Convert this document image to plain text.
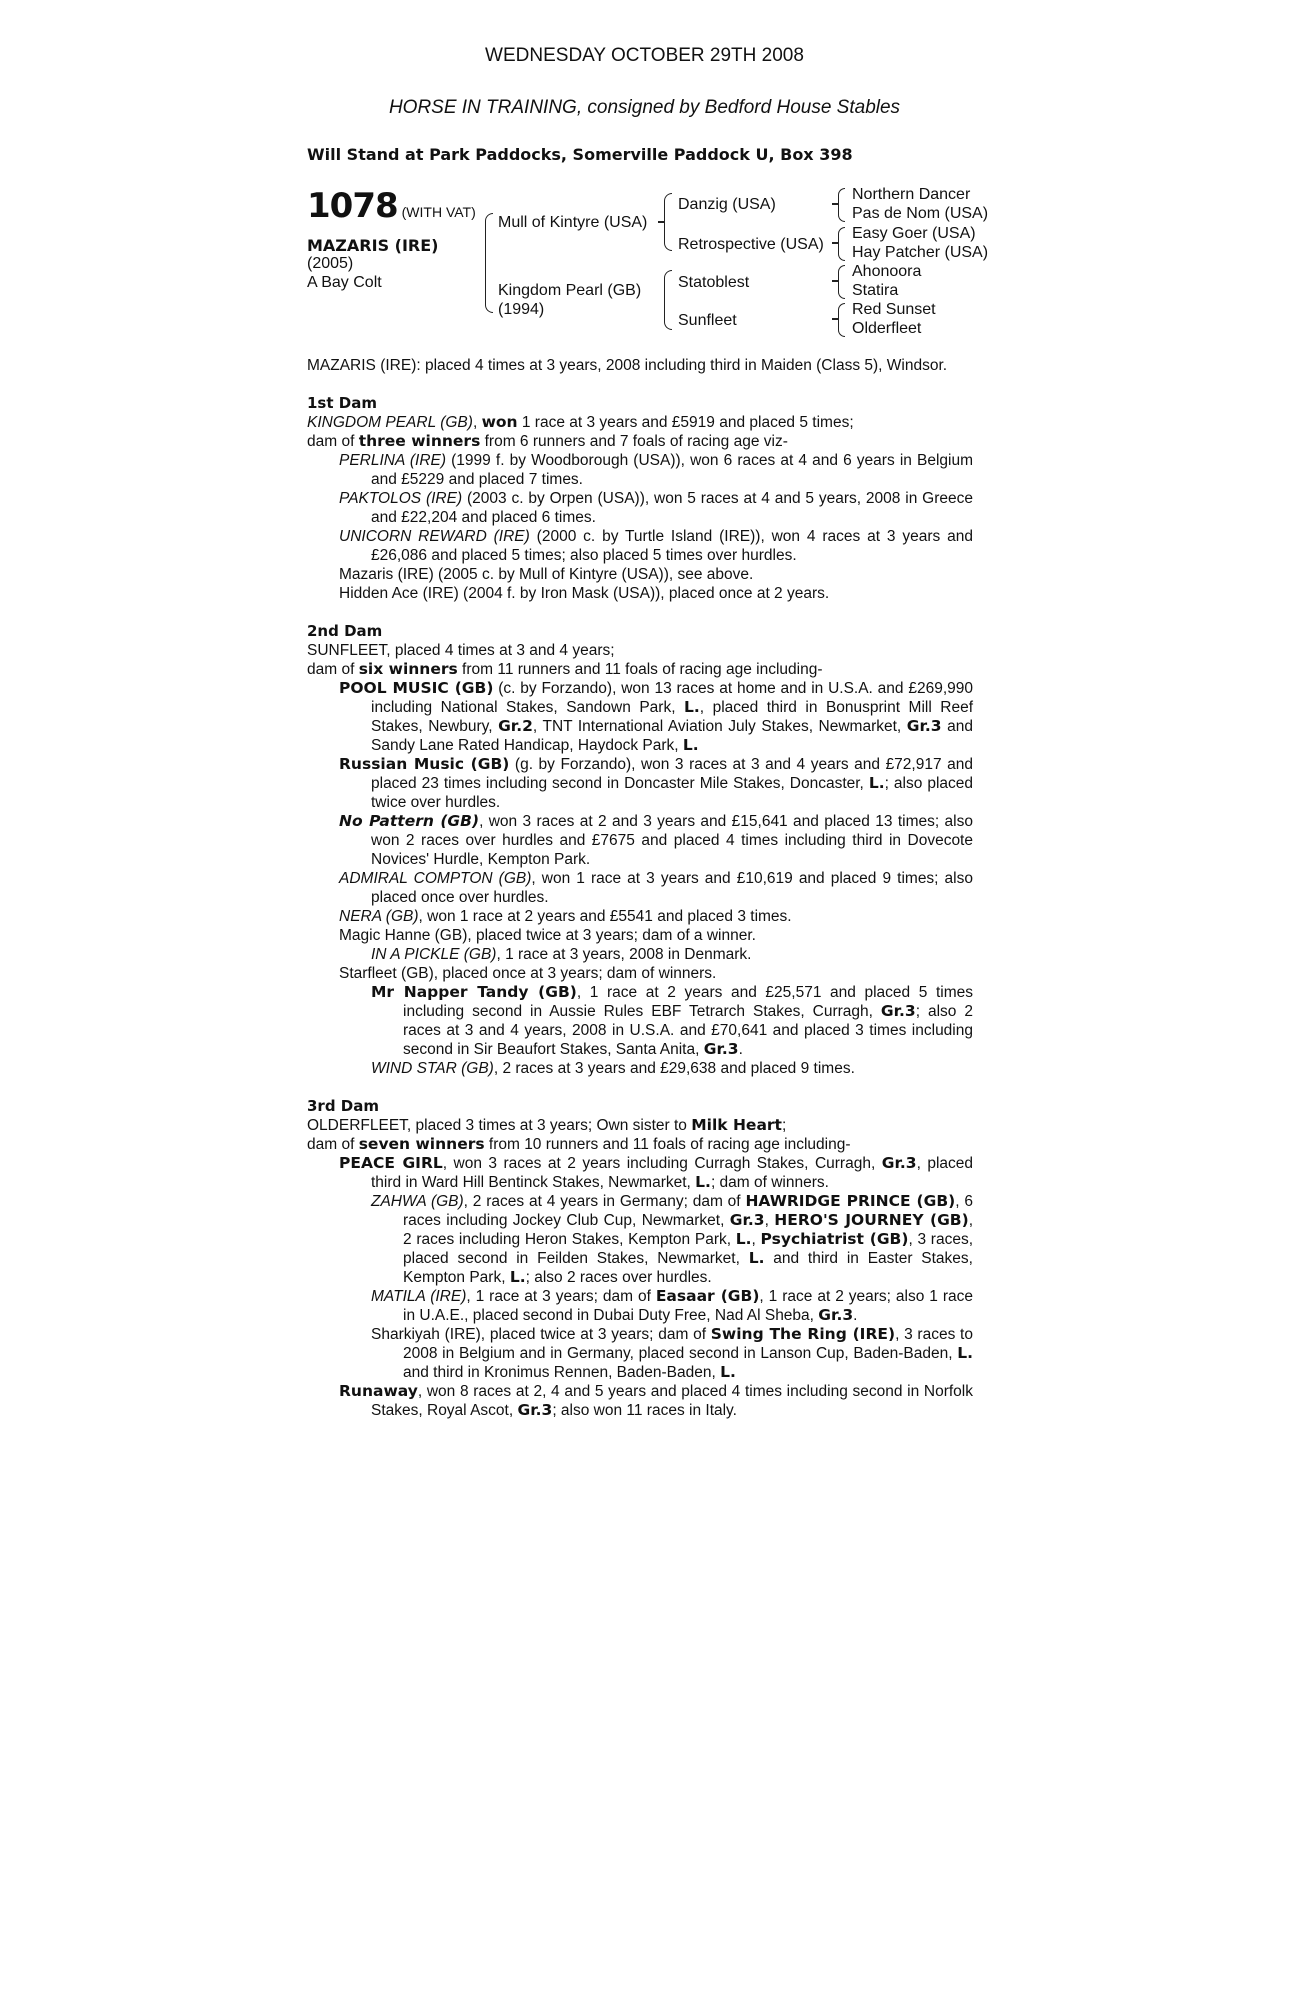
WEDNESDAY OCTOBER 29TH 2008
HORSE IN TRAINING, consigned by Bedford House Stables
Will Stand at Park Paddocks, Somerville Paddock U, Box 398
1078 (WITH VAT)
MAZARIS (IRE)
(2005)
A Bay Colt
Mull of Kintyre (USA)
Kingdom Pearl (GB)
(1994)
Danzig (USA)
Retrospective (USA)
Statoblest
Sunfleet
Northern Dancer
Pas de Nom (USA)
Easy Goer (USA)
Hay Patcher (USA)
Ahonoora
Statira
Red Sunset
Olderfleet

MAZARIS (IRE): placed 4 times at 3 years, 2008 including third in Maiden (Class 5), Windsor.

1st Dam

KINGDOM PEARL (GB), won 1 race at 3 years and £5919 and placed 5 times;

dam of three winners from 6 runners and 7 foals of racing age viz-

PERLINA (IRE) (1999 f. by Woodborough (USA)), won 6 races at 4 and 6 years in Belgium and £5229 and placed 7 times.

PAKTOLOS (IRE) (2003 c. by Orpen (USA)), won 5 races at 4 and 5 years, 2008 in Greece and £22,204 and placed 6 times.

UNICORN REWARD (IRE) (2000 c. by Turtle Island (IRE)), won 4 races at 3 years and £26,086 and placed 5 times; also placed 5 times over hurdles.

Mazaris (IRE) (2005 c. by Mull of Kintyre (USA)), see above.

Hidden Ace (IRE) (2004 f. by Iron Mask (USA)), placed once at 2 years.

2nd Dam

SUNFLEET, placed 4 times at 3 and 4 years;

dam of six winners from 11 runners and 11 foals of racing age including-

POOL MUSIC (GB) (c. by Forzando), won 13 races at home and in U.S.A. and £269,990 including National Stakes, Sandown Park, L., placed third in Bonusprint Mill Reef Stakes, Newbury, Gr.2, TNT International Aviation July Stakes, Newmarket, Gr.3 and Sandy Lane Rated Handicap, Haydock Park, L.

Russian Music (GB) (g. by Forzando), won 3 races at 3 and 4 years and £72,917 and placed 23 times including second in Doncaster Mile Stakes, Doncaster, L.; also placed twice over hurdles.

No Pattern (GB), won 3 races at 2 and 3 years and £15,641 and placed 13 times; also won 2 races over hurdles and £7675 and placed 4 times including third in Dovecote Novices' Hurdle, Kempton Park.

ADMIRAL COMPTON (GB), won 1 race at 3 years and £10,619 and placed 9 times; also placed once over hurdles.

NERA (GB), won 1 race at 2 years and £5541 and placed 3 times.

Magic Hanne (GB), placed twice at 3 years; dam of a winner.

IN A PICKLE (GB), 1 race at 3 years, 2008 in Denmark.

Starfleet (GB), placed once at 3 years; dam of winners.

Mr Napper Tandy (GB), 1 race at 2 years and £25,571 and placed 5 times including second in Aussie Rules EBF Tetrarch Stakes, Curragh, Gr.3; also 2 races at 3 and 4 years, 2008 in U.S.A. and £70,641 and placed 3 times including second in Sir Beaufort Stakes, Santa Anita, Gr.3.

WIND STAR (GB), 2 races at 3 years and £29,638 and placed 9 times.

3rd Dam

OLDERFLEET, placed 3 times at 3 years; Own sister to Milk Heart;

dam of seven winners from 10 runners and 11 foals of racing age including-

PEACE GIRL, won 3 races at 2 years including Curragh Stakes, Curragh, Gr.3, placed third in Ward Hill Bentinck Stakes, Newmarket, L.; dam of winners.

ZAHWA (GB), 2 races at 4 years in Germany; dam of HAWRIDGE PRINCE (GB), 6 races including Jockey Club Cup, Newmarket, Gr.3, HERO'S JOURNEY (GB), 2 races including Heron Stakes, Kempton Park, L., Psychiatrist (GB), 3 races, placed second in Feilden Stakes, Newmarket, L. and third in Easter Stakes, Kempton Park, L.; also 2 races over hurdles.

MATILA (IRE), 1 race at 3 years; dam of Easaar (GB), 1 race at 2 years; also 1 race in U.A.E., placed second in Dubai Duty Free, Nad Al Sheba, Gr.3.

Sharkiyah (IRE), placed twice at 3 years; dam of Swing The Ring (IRE), 3 races to 2008 in Belgium and in Germany, placed second in Lanson Cup, Baden-Baden, L. and third in Kronimus Rennen, Baden-Baden, L.

Runaway, won 8 races at 2, 4 and 5 years and placed 4 times including second in Norfolk Stakes, Royal Ascot, Gr.3; also won 11 races in Italy.
